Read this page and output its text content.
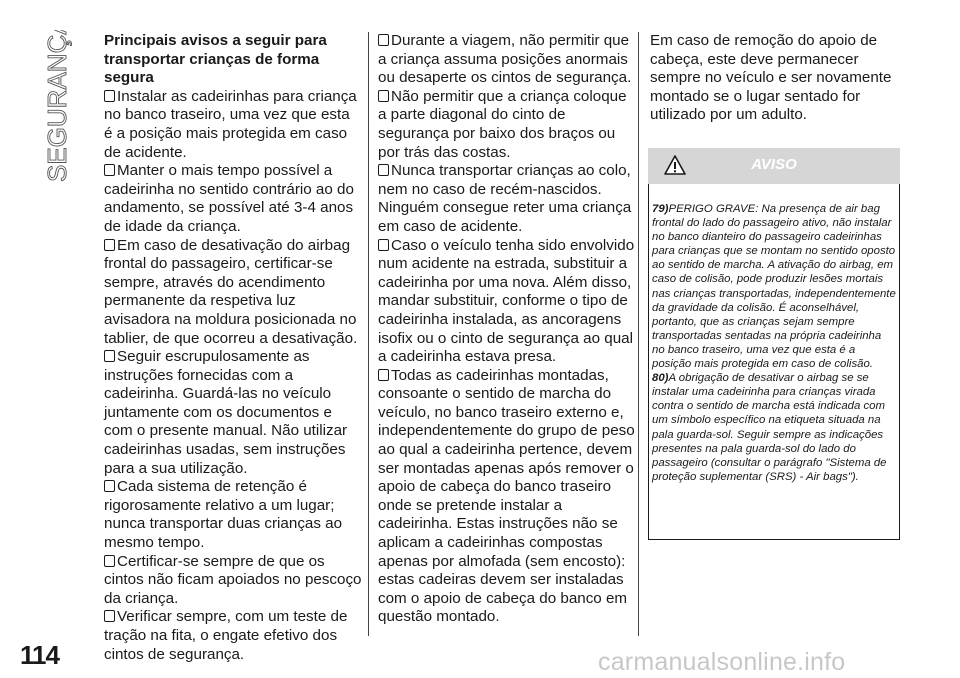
SEGURANÇA
114

Principais avisos a seguir para transportar crianças de forma segura

Instalar as cadeirinhas para criança no banco traseiro, uma vez que esta é a posição mais protegida em caso de acidente.

Manter o mais tempo possível a cadeirinha no sentido contrário ao do andamento, se possível até 3-4 anos de idade da criança.

Em caso de desativação do airbag frontal do passageiro, certificar-se sempre, através do acendimento permanente da respetiva luz avisadora na moldura posicionada no tablier, de que ocorreu a desativação.

Seguir escrupulosamente as instruções fornecidas com a cadeirinha. Guardá-las no veículo juntamente com os documentos e com o presente manual. Não utilizar cadeirinhas usadas, sem instruções para a sua utilização.

Cada sistema de retenção é rigorosamente relativo a um lugar; nunca transportar duas crianças ao mesmo tempo.

Certificar-se sempre de que os cintos não ficam apoiados no pescoço da criança.

Verificar sempre, com um teste de tração na fita, o engate efetivo dos cintos de segurança.

Durante a viagem, não permitir que a criança assuma posições anormais ou desaperte os cintos de segurança.

Não permitir que a criança coloque a parte diagonal do cinto de segurança por baixo dos braços ou por trás das costas.

Nunca transportar crianças ao colo, nem no caso de recém-nascidos. Ninguém consegue reter uma criança em caso de acidente.

Caso o veículo tenha sido envolvido num acidente na estrada, substituir a cadeirinha por uma nova. Além disso, mandar substituir, conforme o tipo de cadeirinha instalada, as ancoragens isofix ou o cinto de segurança ao qual a cadeirinha estava presa.

Todas as cadeirinhas montadas, consoante o sentido de marcha do veículo, no banco traseiro externo e, independentemente do grupo de peso ao qual a cadeirinha pertence, devem ser montadas apenas após remover o apoio de cabeça do banco traseiro onde se pretende instalar a cadeirinha. Estas instruções não se aplicam a cadeirinhas compostas apenas por almofada (sem encosto): estas cadeiras devem ser instaladas com o apoio de cabeça do banco em questão montado.

Em caso de remoção do apoio de cabeça, este deve permanecer sempre no veículo e ser novamente montado se o lugar sentado for utilizado por um adulto.

AVISO

79)PERIGO GRAVE: Na presença de air bag frontal do lado do passageiro ativo, não instalar no banco dianteiro do passageiro cadeirinhas para crianças que se montam no sentido oposto ao sentido de marcha. A ativação do airbag, em caso de colisão, pode produzir lesões mortais nas crianças transportadas, independentemente da gravidade da colisão. É aconselhável, portanto, que as crianças sejam sempre transportadas sentadas na própria cadeirinha no banco traseiro, uma vez que esta é a posição mais protegida em caso de colisão.

80)A obrigação de desativar o airbag se se instalar uma cadeirinha para crianças virada contra o sentido de marcha está indicada com um símbolo específico na etiqueta situada na pala guarda-sol. Seguir sempre as indicações presentes na pala guarda-sol do lado do passageiro (consultar o parágrafo "Sistema de proteção suplementar (SRS) - Air bags").

carmanualsonline.info
